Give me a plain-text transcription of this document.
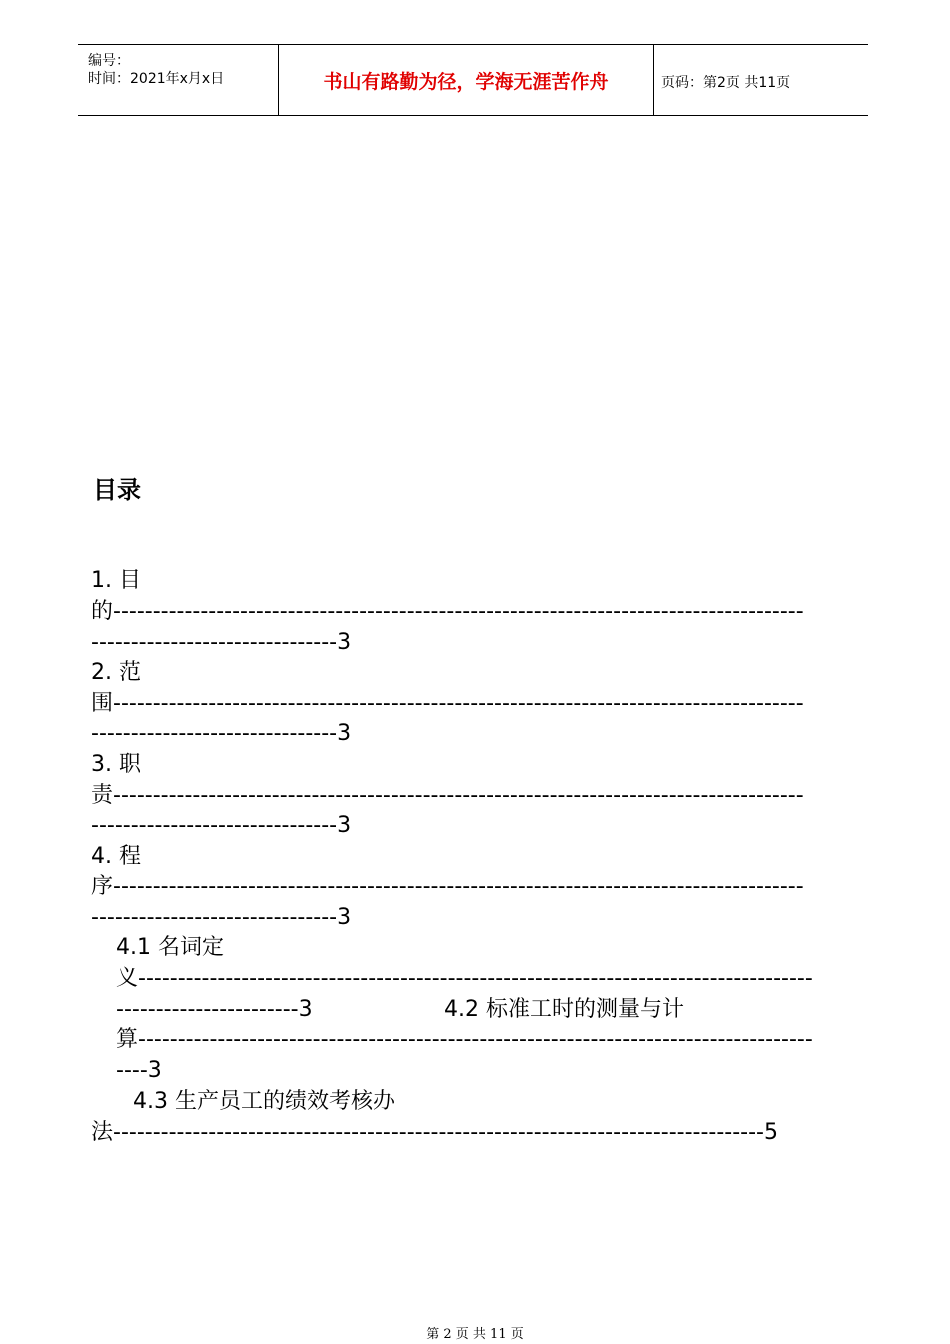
编号：
时间：2021年x月x日	书山有路勤为径，学海无涯苦作舟	页码：第2页 共11页
目录
1. 目
的---------------------------------------------------------------------------------------
-------------------------------3
2. 范
围---------------------------------------------------------------------------------------
-------------------------------3
3. 职
责---------------------------------------------------------------------------------------
-------------------------------3
4. 程
序---------------------------------------------------------------------------------------
-------------------------------3
4.1 名词定
义-------------------------------------------------------------------------------------
-----------------------3	4.2 标准工时的测量与计
算-------------------------------------------------------------------------------------
----3
4.3 生产员工的绩效考核办
法----------------------------------------------------------------------------------5
第 2 页 共 11 页
